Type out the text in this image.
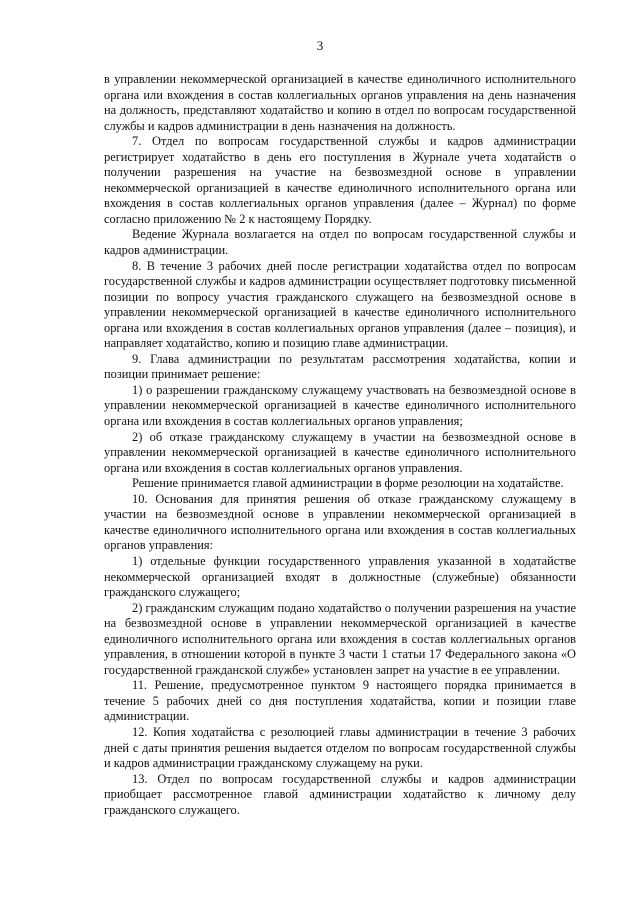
3

в управлении некоммерческой организацией в качестве единоличного исполнительного органа или вхождения в состав коллегиальных органов управления на день назначения на должность, представляют ходатайство и копию в отдел по вопросам государственной службы и кадров администрации в день назначения на должность.

7. Отдел по вопросам государственной службы и кадров администрации регистрирует ходатайство в день его поступления в Журнале учета ходатайств о получении разрешения на участие на безвозмездной основе в управлении некоммерческой организацией в качестве единоличного исполнительного органа или вхождения в состав коллегиальных органов управления (далее – Журнал) по форме согласно приложению № 2 к настоящему Порядку.

Ведение Журнала возлагается на отдел по вопросам государственной службы и кадров администрации.

8. В течение 3 рабочих дней после регистрации ходатайства отдел по вопросам государственной службы и кадров администрации осуществляет подготовку письменной позиции по вопросу участия гражданского служащего на безвозмездной основе в управлении некоммерческой организацией в качестве единоличного исполнительного органа или вхождения в состав коллегиальных органов управления (далее – позиция), и направляет ходатайство, копию и позицию главе администрации.

9. Глава администрации по результатам рассмотрения ходатайства, копии и позиции принимает решение:

1) о разрешении гражданскому служащему участвовать на безвозмездной основе в управлении некоммерческой организацией в качестве единоличного исполнительного органа или вхождения в состав коллегиальных органов управления;

2) об отказе гражданскому служащему в участии на безвозмездной основе в управлении некоммерческой организацией в качестве единоличного исполнительного органа или вхождения в состав коллегиальных органов управления.

Решение принимается главой администрации в форме резолюции на ходатайстве.

10. Основания для принятия решения об отказе гражданскому служащему в участии на безвозмездной основе в управлении некоммерческой организацией в качестве единоличного исполнительного органа или вхождения в состав коллегиальных органов управления:

1) отдельные функции государственного управления указанной в ходатайстве некоммерческой организацией входят в должностные (служебные) обязанности гражданского служащего;

2) гражданским служащим подано ходатайство о получении разрешения на участие на безвозмездной основе в управлении некоммерческой организацией в качестве единоличного исполнительного органа или вхождения в состав коллегиальных органов управления, в отношении которой в пункте 3 части 1 статьи 17 Федерального закона «О государственной гражданской службе» установлен запрет на участие в ее управлении.

11. Решение, предусмотренное пунктом 9 настоящего порядка принимается в течение 5 рабочих дней со дня поступления ходатайства, копии и позиции главе администрации.

12. Копия ходатайства с резолюцией главы администрации в течение 3 рабочих дней с даты принятия решения выдается отделом по вопросам государственной службы и кадров администрации гражданскому служащему на руки.

13. Отдел по вопросам государственной службы и кадров администрации приобщает рассмотренное главой администрации ходатайство к личному делу гражданского служащего.
